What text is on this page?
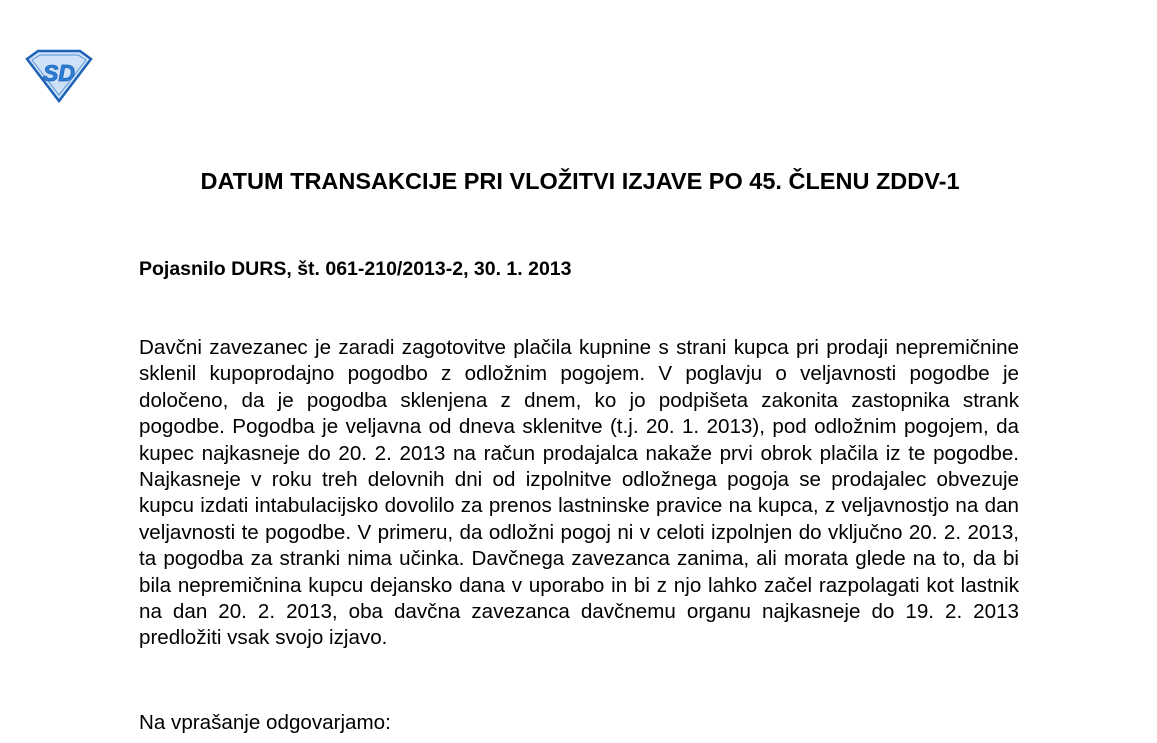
SD
DATUM TRANSAKCIJE PRI VLOŽITVI IZJAVE PO 45. ČLENU ZDDV-1

Pojasnilo DURS, št. 061-210/2013-2, 30. 1. 2013

Davčni zavezanec je zaradi zagotovitve plačila kupnine s strani kupca pri prodaji nepremičnine sklenil kupoprodajno pogodbo z odložnim pogojem. V poglavju o veljavnosti pogodbe je določeno, da je pogodba sklenjena z dnem, ko jo podpišeta zakonita zastopnika strank pogodbe. Pogodba je veljavna od dneva sklenitve (t.j. 20. 1. 2013), pod odložnim pogojem, da kupec najkasneje do 20. 2. 2013 na račun prodajalca nakaže prvi obrok plačila iz te pogodbe. Najkasneje v roku treh delovnih dni od izpolnitve odložnega pogoja se prodajalec obvezuje kupcu izdati intabulacijsko dovolilo za prenos lastninske pravice na kupca, z veljavnostjo na dan veljavnosti te pogodbe. V primeru, da odložni pogoj ni v celoti izpolnjen do vključno 20. 2. 2013, ta pogodba za stranki nima učinka. Davčnega zavezanca zanima, ali morata glede na to, da bi bila nepremičnina kupcu dejansko dana v uporabo in bi z njo lahko začel razpolagati kot lastnik na dan 20. 2. 2013, oba davčna zavezanca davčnemu organu najkasneje do 19. 2. 2013 predložiti vsak svojo izjavo.

Na vprašanje odgovarjamo:
